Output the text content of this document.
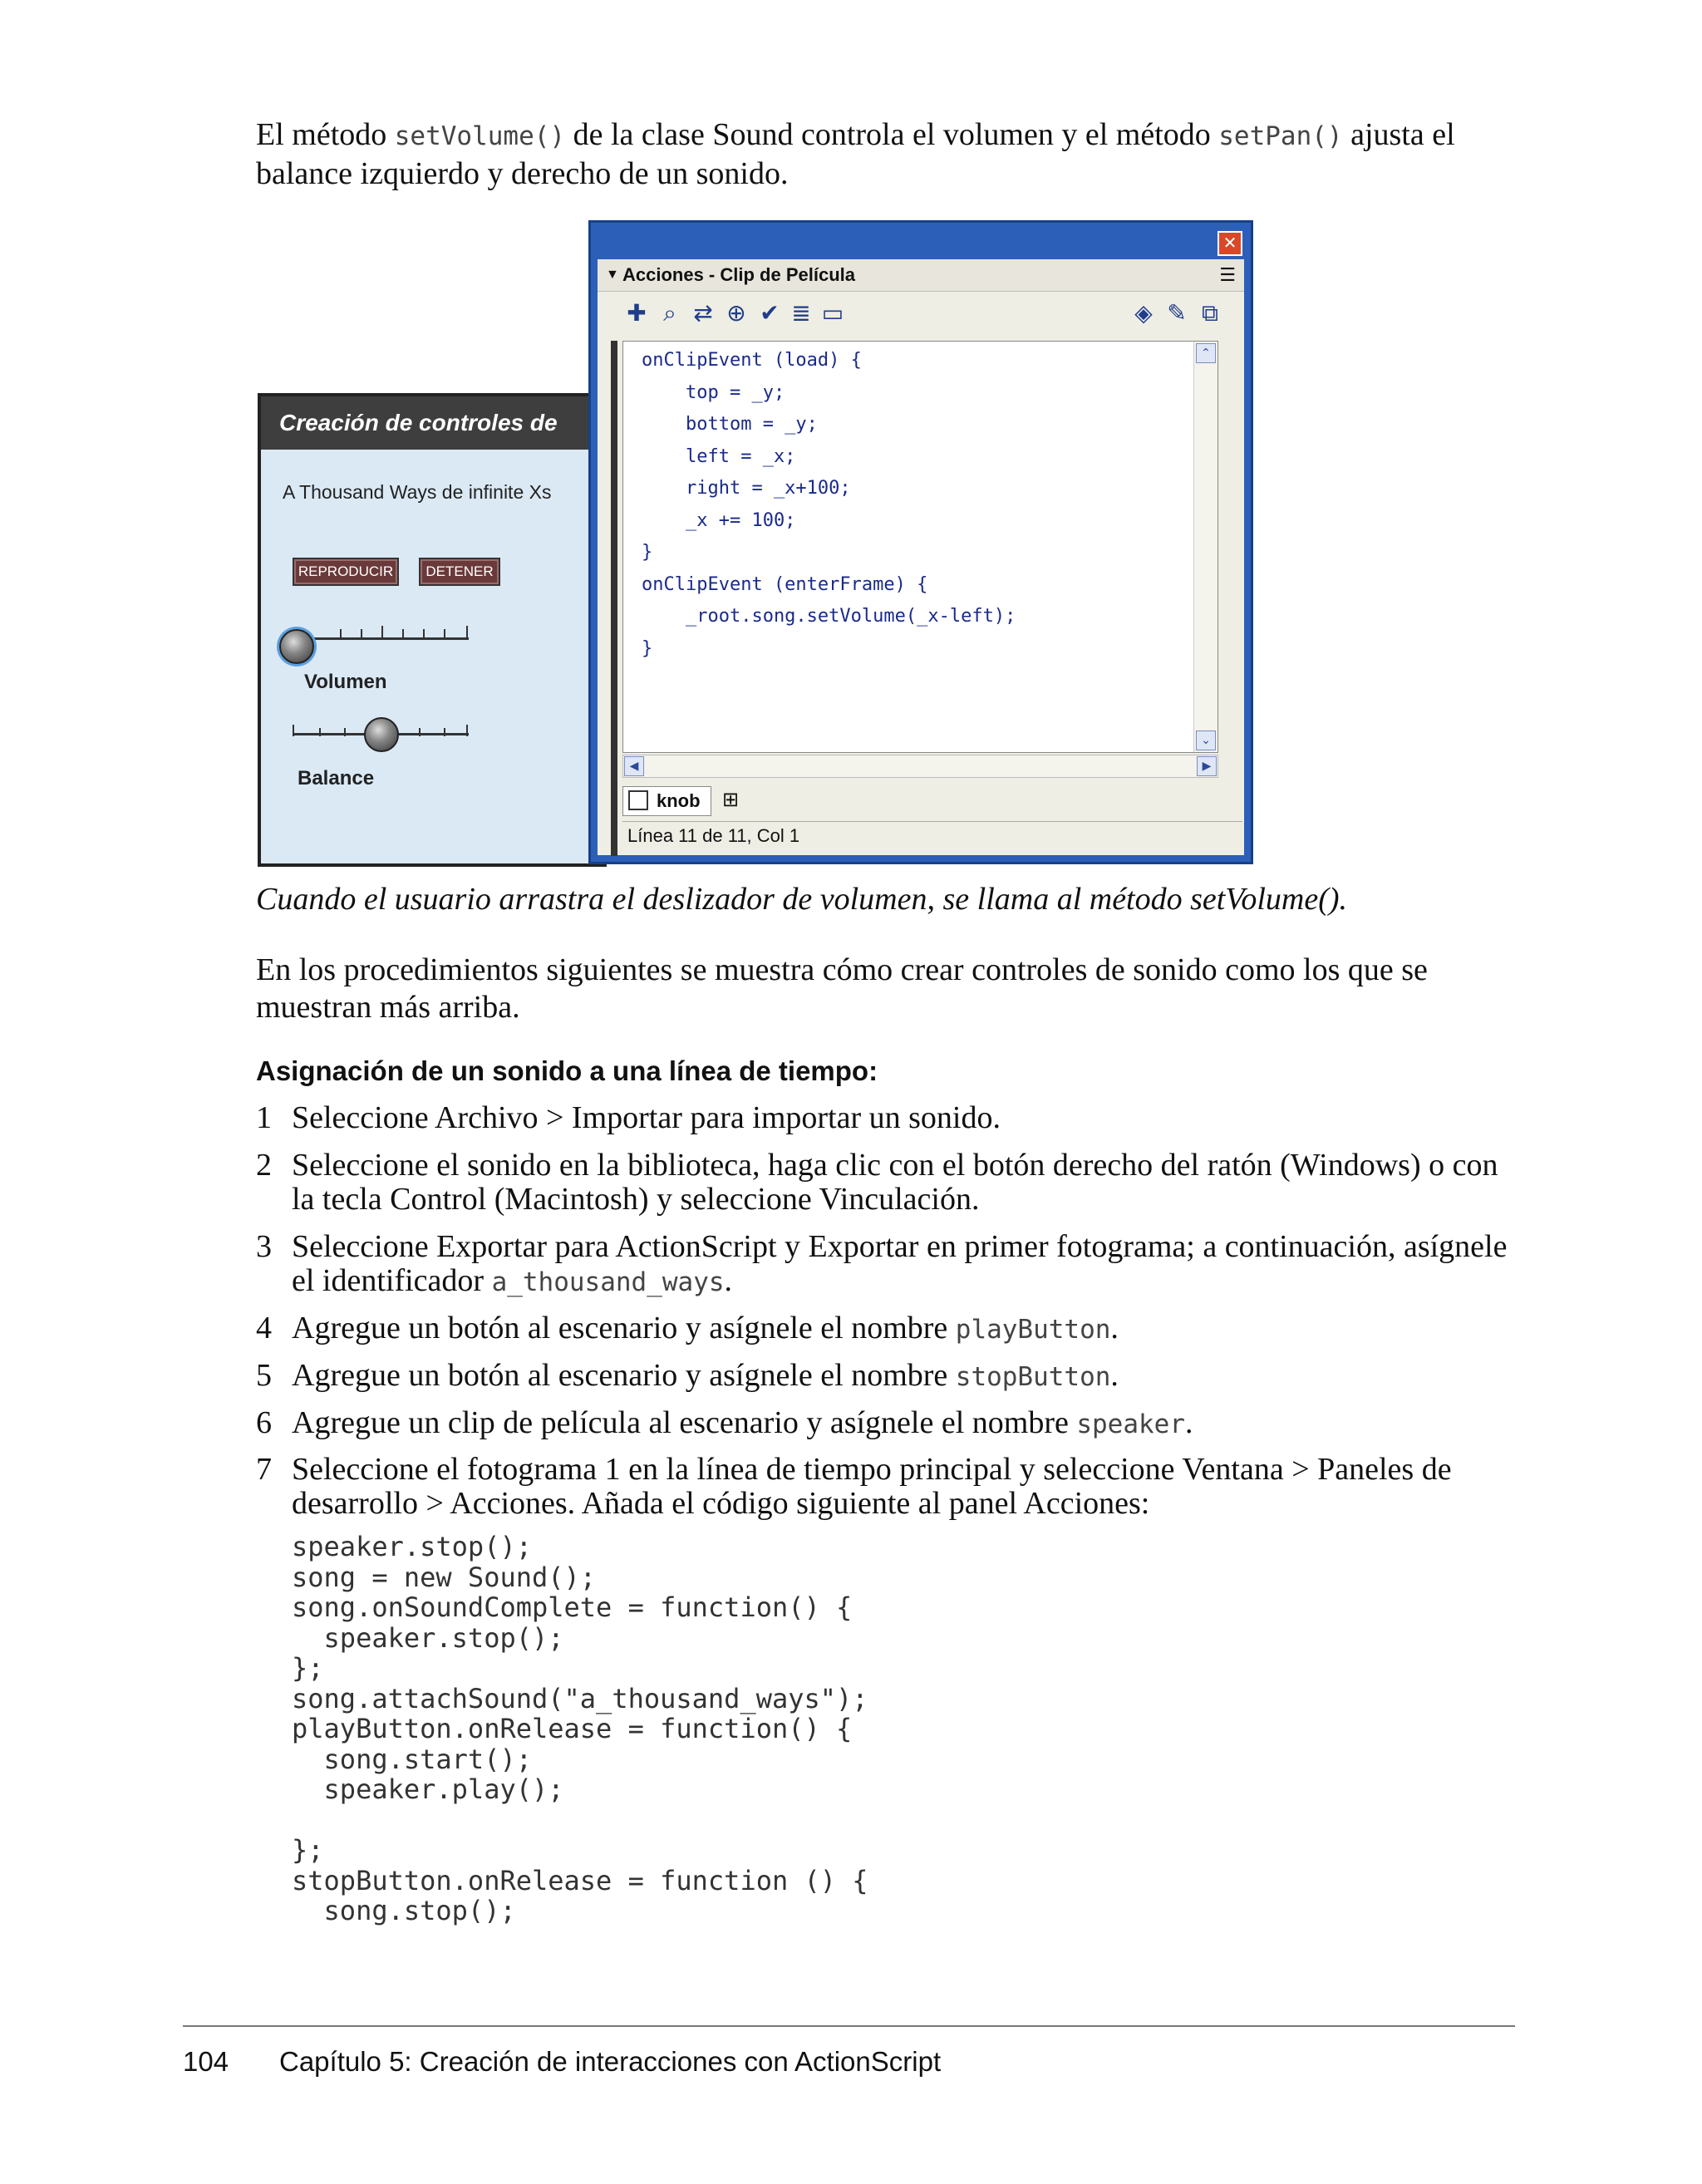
El método setVolume() de la clase Sound controla el volumen y el método setPan() ajusta el balance izquierdo y derecho de un sonido.
Creación de controles de
A Thousand Ways de infinite Xs
REPRODUCIR	DETENER
Volumen
Balance
✕
▼ Acciones - Clip de Película	☰
✚ ⌕ ⇄ ⊕ ✔ ≣ ▭	◈ ✎ ⧉
onClipEvent (load) {
top = _y;
bottom = _y;
left = _x;
right = _x+100;
_x += 100;
}
onClipEvent (enterFrame) {
_root.song.setVolume(_x-left);
}
⌃
⌄
◀	▶
knob	⊞
Línea 11 de 11, Col 1
Cuando el usuario arrastra el deslizador de volumen, se llama al método setVolume().
En los procedimientos siguientes se muestra cómo crear controles de sonido como los que se muestran más arriba.
Asignación de un sonido a una línea de tiempo:
1 Seleccione Archivo > Importar para importar un sonido.
2 Seleccione el sonido en la biblioteca, haga clic con el botón derecho del ratón (Windows) o con la tecla Control (Macintosh) y seleccione Vinculación.
3 Seleccione Exportar para ActionScript y Exportar en primer fotograma; a continuación, asígnele el identificador a_thousand_ways.
4 Agregue un botón al escenario y asígnele el nombre playButton.
5 Agregue un botón al escenario y asígnele el nombre stopButton.
6 Agregue un clip de película al escenario y asígnele el nombre speaker.
7 Seleccione el fotograma 1 en la línea de tiempo principal y seleccione Ventana > Paneles de desarrollo > Acciones. Añada el código siguiente al panel Acciones:
speaker.stop();
song = new Sound();
song.onSoundComplete = function() {
speaker.stop();
};
song.attachSound("a_thousand_ways");
playButton.onRelease = function() {
song.start();
speaker.play();

};
stopButton.onRelease = function () {
song.stop();
104 Capítulo 5: Creación de interacciones con ActionScript
